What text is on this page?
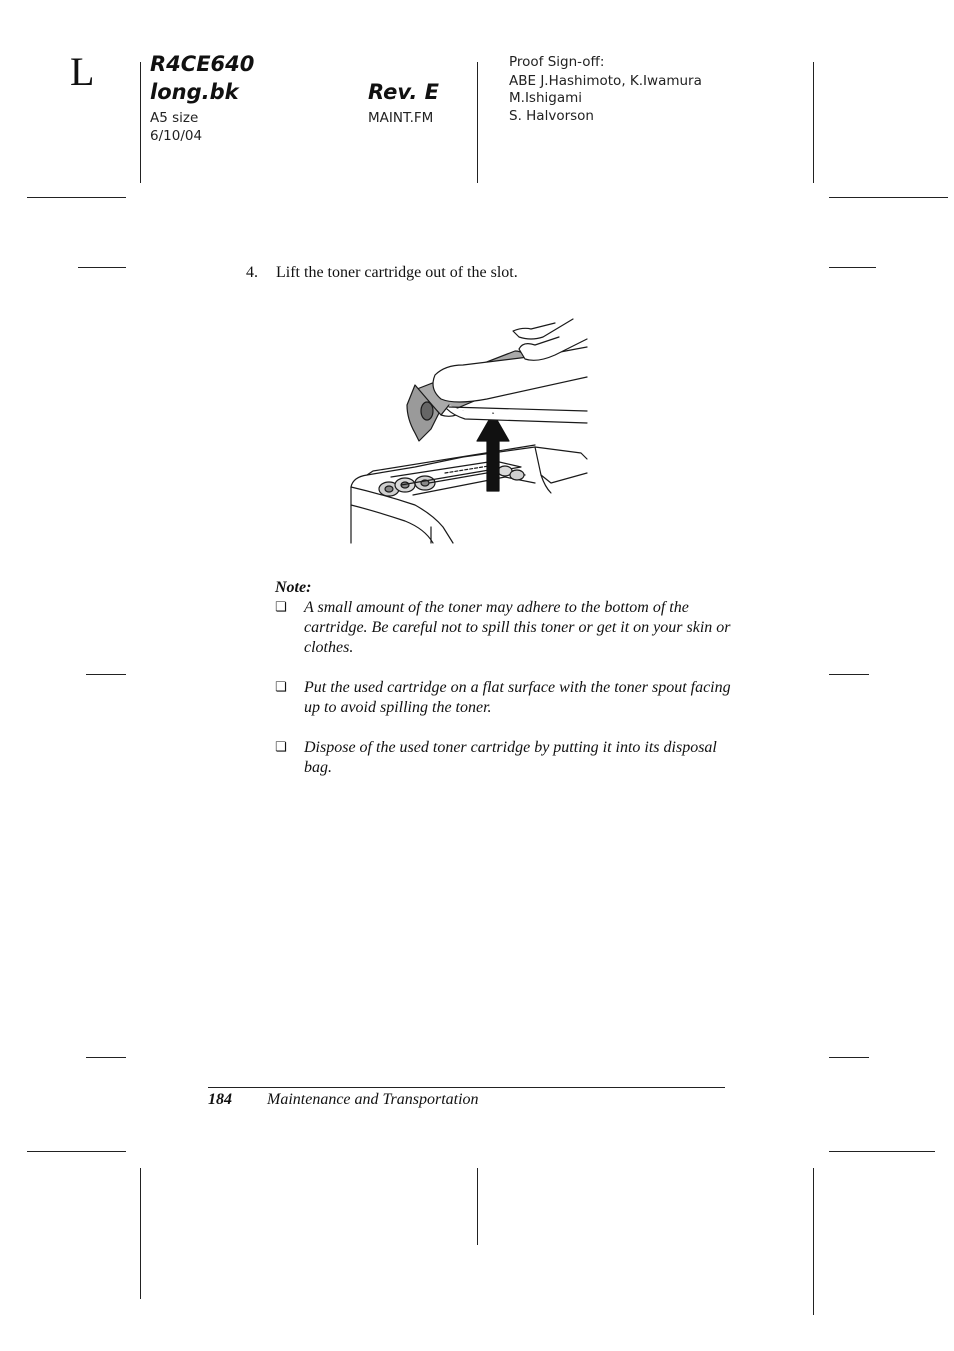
L	R4CE640
long.bk
A5 size
6/10/04
Rev. E
MAINT.FM
Proof Sign-off:
ABE J.Hashimoto, K.Iwamura
M.Ishigami
S. Halvorson
4. Lift the toner cartridge out of the slot.
Note:
❏ A small amount of the toner may adhere to the bottom of the cartridge. Be careful not to spill this toner or get it on your skin or clothes.
❏ Put the used cartridge on a flat surface with the toner spout facing up to avoid spilling the toner.
❏ Dispose of the used toner cartridge by putting it into its disposal bag.
184 Maintenance and Transportation
